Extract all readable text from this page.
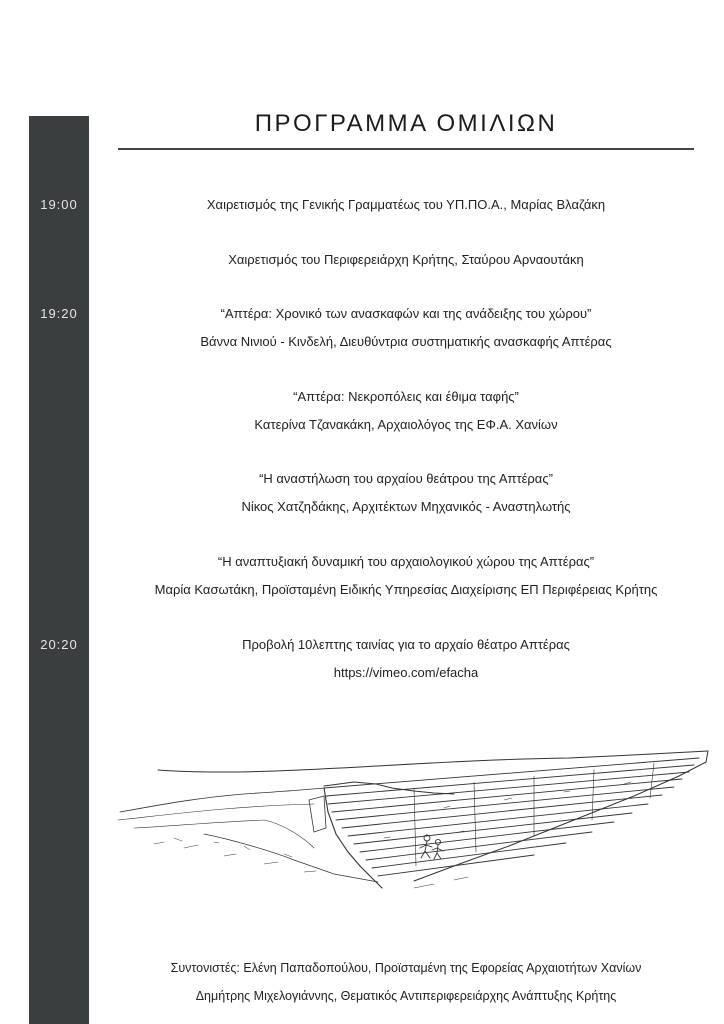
ΠΡΟΓΡΑΜΜΑ ΟΜΙΛΙΩΝ
19:00
19:20
20:20
Χαιρετισμός της Γενικής Γραμματέως του ΥΠ.ΠΟ.Α., Μαρίας Βλαζάκη
Χαιρετισμός του Περιφερειάρχη Κρήτης, Σταύρου Αρναουτάκη
“Απτέρα: Χρονικό των ανασκαφών και της ανάδειξης του χώρου”
Βάννα Νινιού - Κινδελή, Διευθύντρια συστηματικής ανασκαφής Απτέρας
“Απτέρα: Νεκροπόλεις και έθιμα ταφής”
Κατερίνα Τζανακάκη, Αρχαιολόγος της ΕΦ.Α. Χανίων
“Η αναστήλωση του αρχαίου θεάτρου της Απτέρας”
Νίκος Χατζηδάκης, Αρχιτέκτων Μηχανικός - Αναστηλωτής
“Η αναπτυξιακή δυναμική του αρχαιολογικού χώρου της Απτέρας”
Μαρία Κασωτάκη, Προϊσταμένη Ειδικής Υπηρεσίας Διαχείρισης ΕΠ Περιφέρειας Κρήτης
Προβολή 10λεπτης ταινίας για το αρχαίο θέατρο Απτέρας
https://vimeo.com/efacha
Συντονιστές: Ελένη Παπαδοπούλου, Προϊσταμένη της Εφορείας Αρχαιοτήτων Χανίων
Δημήτρης Μιχελογιάννης, Θεματικός Αντιπεριφερειάρχης Ανάπτυξης Κρήτης
